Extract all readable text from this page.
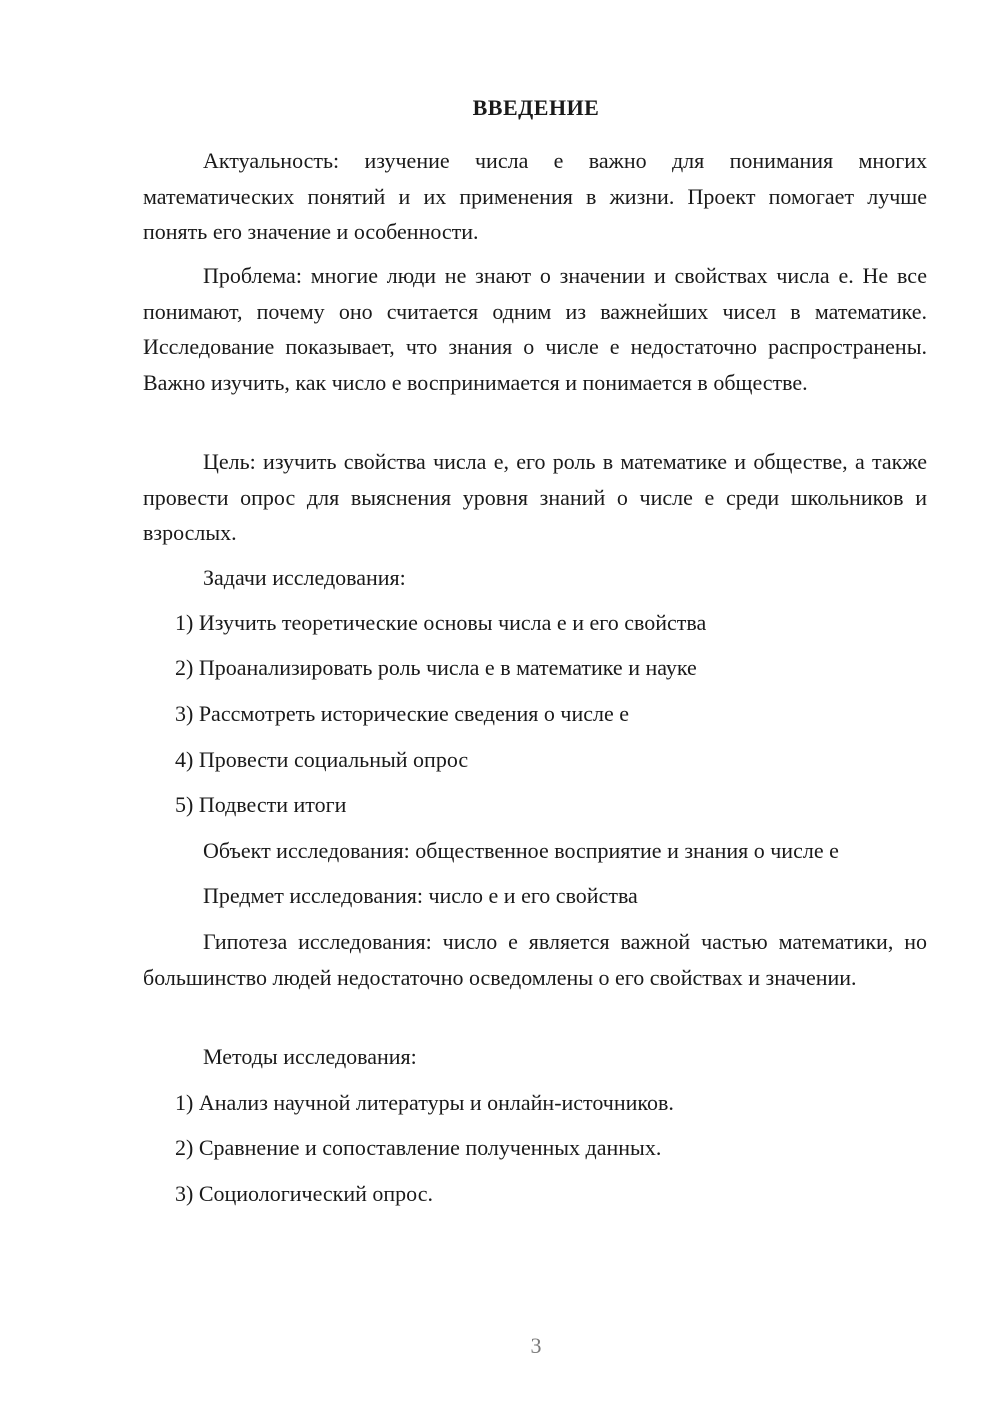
ВВЕДЕНИЕ

Актуальность: изучение числа е важно для понимания многих математических понятий и их применения в жизни. Проект помогает лучше понять его значение и особенности.

Проблема: многие люди не знают о значении и свойствах числа е. Не все понимают, почему оно считается одним из важнейших чисел в математике. Исследование показывает, что знания о числе е недостаточно распространены. Важно изучить, как число е воспринимается и понимается в обществе.

Цель: изучить свойства числа е, его роль в математике и обществе, а также провести опрос для выяснения уровня знаний о числе е среди школьников и взрослых.

Задачи исследования:
1) Изучить теоретические основы числа е и его свойства
2) Проанализировать роль числа е в математике и науке
3) Рассмотреть исторические сведения о числе е
4) Провести социальный опрос
5) Подвести итоги
Объект исследования: общественное восприятие и знания о числе е
Предмет исследования: число е и его свойства

Гипотеза исследования: число е является важной частью математики, но большинство людей недостаточно осведомлены о его свойствах и значении.

Методы исследования:
1) Анализ научной литературы и онлайн-источников.
2) Сравнение и сопоставление полученных данных.
3) Социологический опрос.
3
